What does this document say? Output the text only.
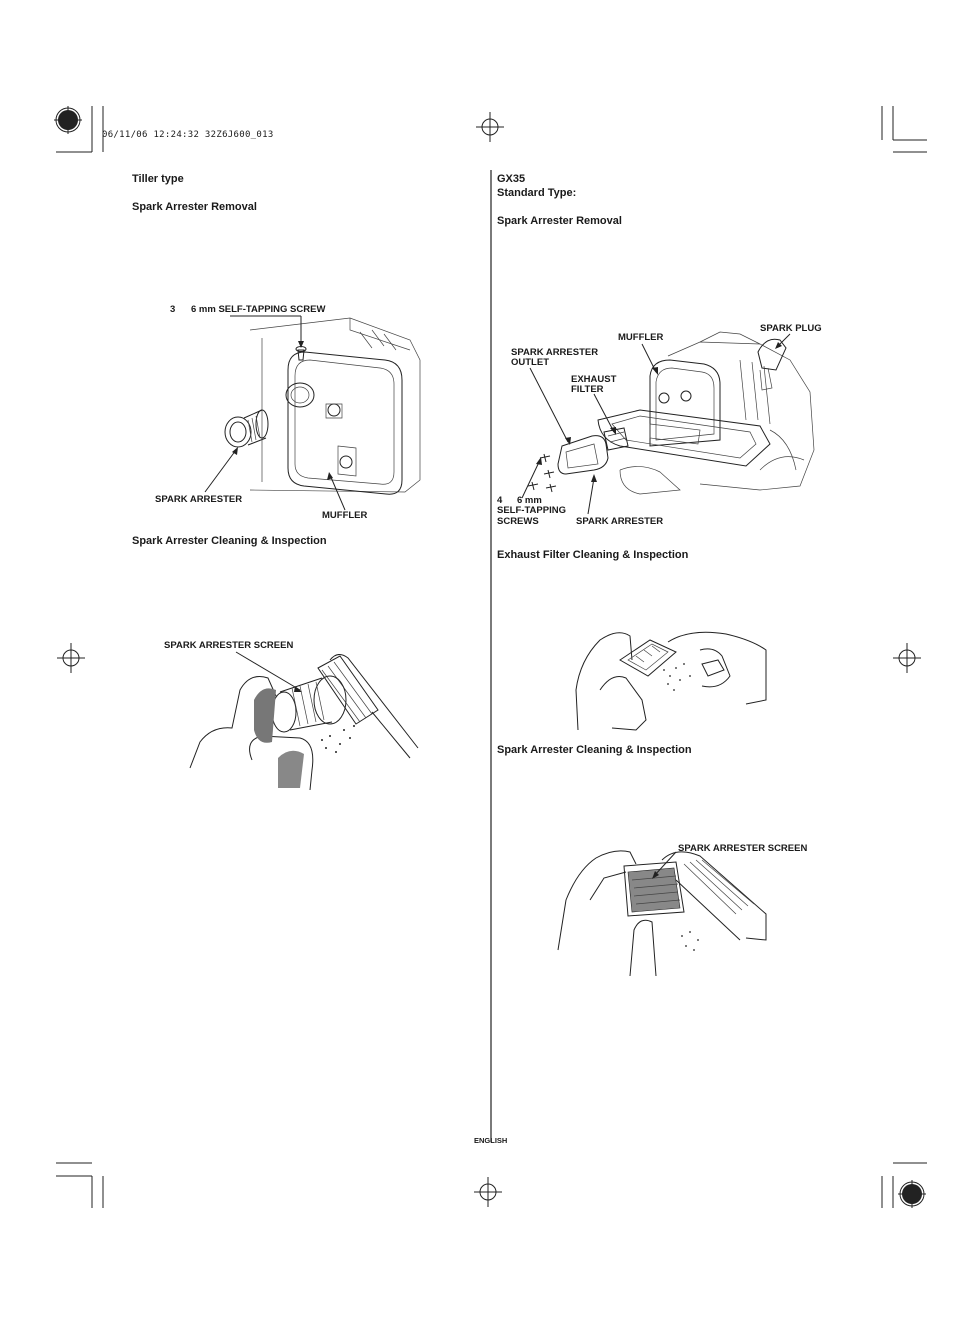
06/11/06 12:24:32 32Z6J600_013
Tiller type
Spark Arrester Removal
3 6 mm SELF-TAPPING SCREW
SPARK ARRESTER
MUFFLER
Spark Arrester Cleaning & Inspection
SPARK ARRESTER SCREEN
GX35
Standard Type:
Spark Arrester Removal
MUFFLER
SPARK PLUG
SPARK ARRESTER
OUTLET
EXHAUST
FILTER
4 6 mm
SELF-TAPPING
SCREWS	SPARK ARRESTER
Exhaust Filter Cleaning & Inspection
Spark Arrester Cleaning & Inspection
SPARK ARRESTER SCREEN
ENGLISH
